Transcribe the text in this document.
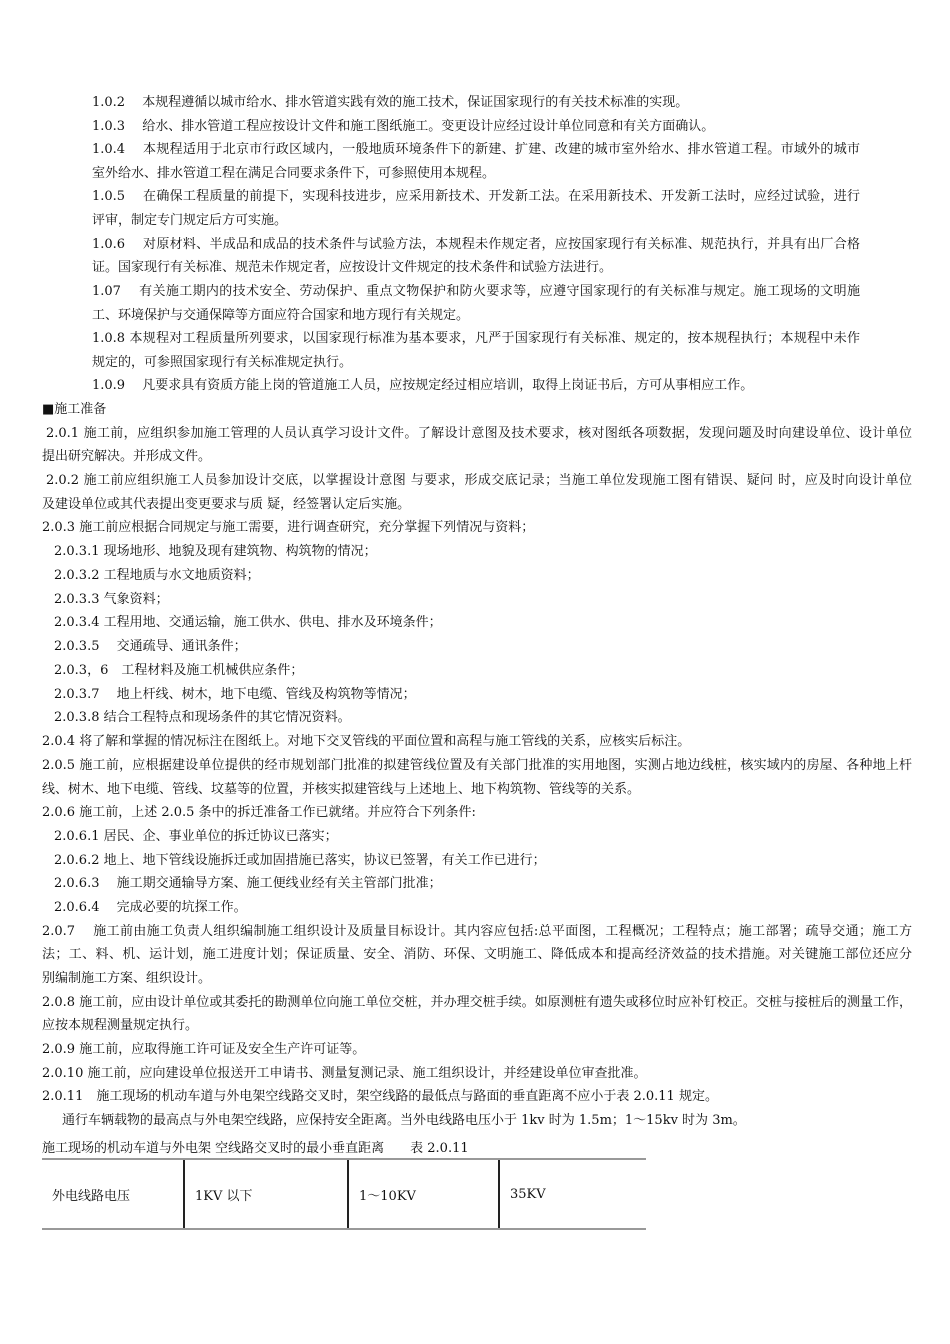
1.0.2　 本规程遵循以城市给水、排水管道实践有效的施工技术，保证国家现行的有关技术标准的实现。
1.0.3　 给水、排水管道工程应按设计文件和施工图纸施工。变更设计应经过设计单位同意和有关方面确认。
1.0.4　 本规程适用于北京市行政区域内，一般地质环境条件下的新建、扩建、改建的城市室外给水、排水管道工程。市域外的城市
室外给水、排水管道工程在满足合同要求条件下，可参照使用本规程。
1.0.5　 在确保工程质量的前提下，实现科技进步，应采用新技术、开发新工法。在采用新技术、开发新工法时，应经过试验，进行
评审，制定专门规定后方可实施。
1.0.6　 对原材料、半成品和成品的技术条件与试验方法，本规程未作规定者，应按国家现行有关标准、规范执行，并具有出厂合格
证。国家现行有关标准、规范未作规定者，应按设计文件规定的技术条件和试验方法进行。
1.07　 有关施工期内的技术安全、劳动保护、重点文物保护和防火要求等，应遵守国家现行的有关标准与规定。施工现场的文明施
工、环境保护与交通保障等方面应符合国家和地方现行有关规定。
1.0.8 本规程对工程质量所列要求，以国家现行标准为基本要求，凡严于国家现行有关标准、规定的，按本规程执行；本规程中未作
规定的，可参照国家现行有关标准规定执行。
1.0.9　 凡要求具有资质方能上岗的管道施工人员，应按规定经过相应培训，取得上岗证书后，方可从事相应工作。
■施工准备
2.0.1 施工前，应组织参加施工管理的人员认真学习设计文件。了解设计意图及技术要求，核对图纸各项数据，发现问题及时向建设单位、设计单位
提出研究解决。并形成文件。
2.0.2 施工前应组织施工人员参加设计交底，以掌握设计意图 与要求，形成交底记录；当施工单位发现施工图有错误、疑问 时，应及时向设计单位
及建设单位或其代表提出变更要求与质 疑，经签署认定后实施。
2.0.3 施工前应根据合同规定与施工需要，进行调查研究，充分掌握下列情况与资料；
2.0.3.1 现场地形、地貌及现有建筑物、构筑物的情况；
2.0.3.2 工程地质与水文地质资料；
2.0.3.3 气象资料；
2.0.3.4 工程用地、交通运输，施工供水、供电、排水及环境条件；
2.0.3.5　 交通疏导、通讯条件；
2.0.3，6　工程材料及施工机械供应条件；
2.0.3.7　 地上杆线、树木，地下电缆、管线及构筑物等情况；
2.0.3.8 结合工程特点和现场条件的其它情况资料。
2.0.4 将了解和掌握的情况标注在图纸上。对地下交叉管线的平面位置和高程与施工管线的关系，应核实后标注。
2.0.5 施工前，应根据建设单位提供的经市规划部门批准的拟建管线位置及有关部门批准的实用地图，实测占地边线桩，核实域内的房屋、各种地上杆
线、树木、地下电缆、管线、坟墓等的位置，并核实拟建管线与上述地上、地下构筑物、管线等的关系。
2.0.6 施工前，上述 2.0.5 条中的拆迁准备工作已就绪。并应符合下列条件:
2.0.6.1 居民、企、事业单位的拆迁协议已落实；
2.0.6.2 地上、地下管线设施拆迁或加固措施已落实，协议已签署，有关工作已进行；
2.0.6.3　 施工期交通输导方案、施工便线业经有关主管部门批准；
2.0.6.4　 完成必要的坑探工作。
2.0.7　 施工前由施工负责人组织编制施工组织设计及质量目标设计。其内容应包括:总平面图，工程概况；工程特点；施工部署；疏导交通；施工方
法；工、料、机、运计划，施工进度计划；保证质量、安全、消防、环保、文明施工、降低成本和提高经济效益的技术措施。对关键施工部位还应分
别编制施工方案、组织设计。
2.0.8 施工前，应由设计单位或其委托的勘测单位向施工单位交桩，并办理交桩手续。如原测桩有遗失或移位时应补钉校正。交桩与接桩后的测量工作，
应按本规程测量规定执行。
2.0.9 施工前，应取得施工许可证及安全生产许可证等。
2.0.10 施工前，应向建设单位报送开工申请书、测量复测记录、施工组织设计，并经建设单位审查批准。
2.0.11　施工现场的机动车道与外电架空线路交叉时，架空线路的最低点与路面的垂直距离不应小于表 2.0.11 规定。
通行车辆载物的最高点与外电架空线路，应保持安全距离。当外电线路电压小于 1kv 时为 1.5m；1～15kv 时为 3m。
施工现场的机动车道与外电架 空线路交叉时的最小垂直距离 表 2.0.11
外电线路电压	1KV 以下	1～10KV	35KV
